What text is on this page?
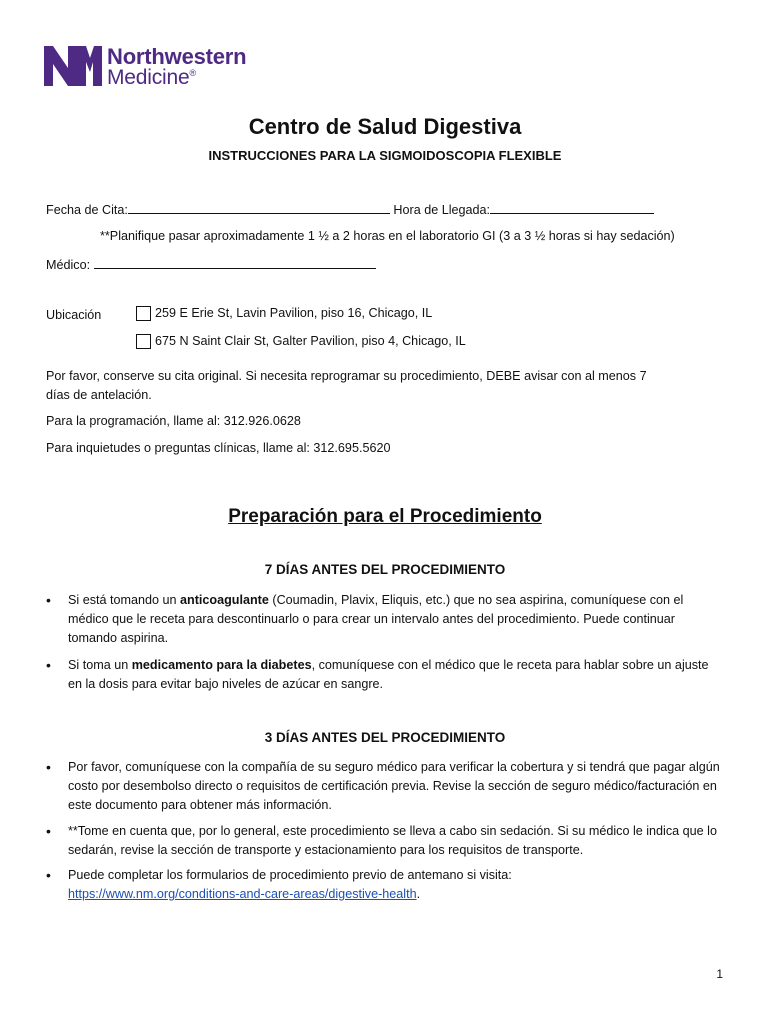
Northwestern
Medicine®
Centro de Salud Digestiva
INSTRUCCIONES PARA LA SIGMOIDOSCOPIA FLEXIBLE
Fecha de Cita:	Hora de Llegada:
**Planifique pasar aproximadamente 1 ½ a 2 horas en el laboratorio GI (3 a 3 ½ horas si hay sedación)
Médico:
Ubicación	259 E Erie St, Lavin Pavilion, piso 16, Chicago, IL
675 N Saint Clair St, Galter Pavilion, piso 4, Chicago, IL
Por favor, conserve su cita original. Si necesita reprogramar su procedimiento, DEBE avisar con al menos 7
días de antelación.
Para la programación, llame al: 312.926.0628
Para inquietudes o preguntas clínicas, llame al: 312.695.5620
Preparación para el Procedimiento
7 DÍAS ANTES DEL PROCEDIMIENTO
• Si está tomando un anticoagulante (Coumadin, Plavix, Eliquis, etc.) que no sea aspirina, comuníquese con el médico que le receta para descontinuarlo o para crear un intervalo antes del procedimiento. Puede continuar tomando aspirina.
• Si toma un medicamento para la diabetes, comuníquese con el médico que le receta para hablar sobre un ajuste en la dosis para evitar bajo niveles de azúcar en sangre.
3 DÍAS ANTES DEL PROCEDIMIENTO
• Por favor, comuníquese con la compañía de su seguro médico para verificar la cobertura y si tendrá que pagar algún costo por desembolso directo o requisitos de certificación previa. Revise la sección de seguro médico/facturación en este documento para obtener más información.
• **Tome en cuenta que, por lo general, este procedimiento se lleva a cabo sin sedación. Si su médico le indica que lo sedarán, revise la sección de transporte y estacionamiento para los requisitos de transporte.
• Puede completar los formularios de procedimiento previo de antemano si visita:
https://www.nm.org/conditions-and-care-areas/digestive-health.
1
